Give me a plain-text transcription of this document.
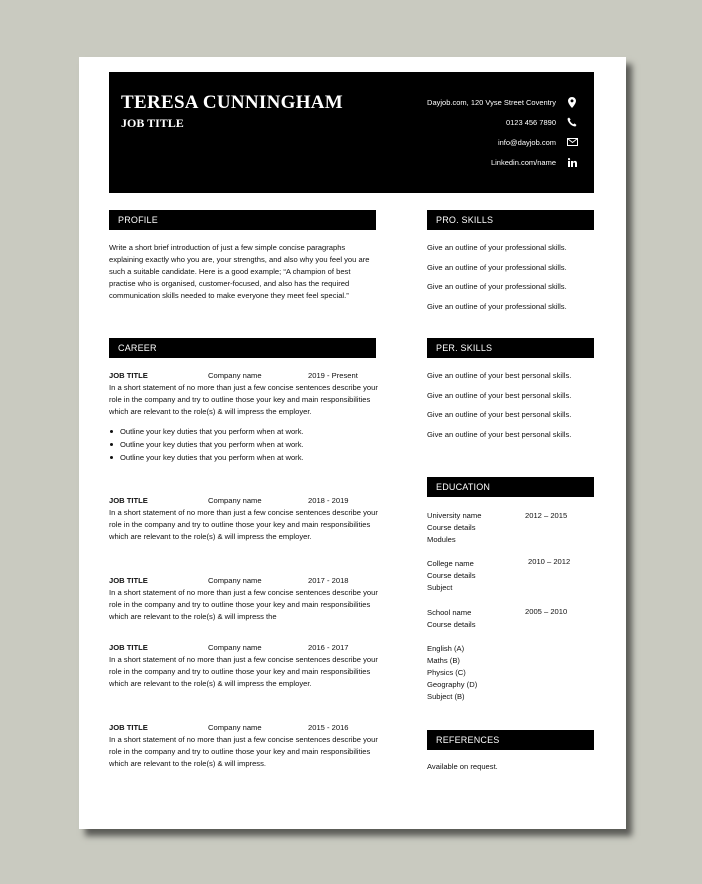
TERESA CUNNINGHAM
JOB TITLE
Dayjob.com, 120 Vyse Street Coventry
0123 456 7890
info@dayjob.com
Linkedin.com/name
PROFILE

Write a short brief introduction of just a few simple concise paragraphs explaining exactly who you are, your strengths, and also why you feel you are such a suitable candidate. Here is a good example; “A champion of best practise who is organised, customer-focused, and also has the required communication skills needed to make everyone they meet feel special.”

CAREER
JOB TITLE	Company name	2019 - Present

In a short statement of no more than just a few concise sentences describe your role in the company and try to outline those your key and main responsibilities which are relevant to the role(s) & will impress the employer.

Outline your key duties that you perform when at work.
Outline your key duties that you perform when at work.
Outline your key duties that you perform when at work.
JOB TITLE	Company name	2018 - 2019

In a short statement of no more than just a few concise sentences describe your role in the company and try to outline those your key and main responsibilities which are relevant to the role(s) & will impress the employer.

JOB TITLE	Company name	2017 - 2018

In a short statement of no more than just a few concise sentences describe your role in the company and try to outline those your key and main responsibilities which are relevant to the role(s) & will impress the

JOB TITLE	Company name	2016 - 2017

In a short statement of no more than just a few concise sentences describe your role in the company and try to outline those your key and main responsibilities which are relevant to the role(s) & will impress the employer.

JOB TITLE	Company name	2015 - 2016

In a short statement of no more than just a few concise sentences describe your role in the company and try to outline those your key and main responsibilities which are relevant to the role(s) & will impress.

PRO. SKILLS
Give an outline of your professional skills.
Give an outline of your professional skills.
Give an outline of your professional skills.
Give an outline of your professional skills.
PER. SKILLS
Give an outline of your best personal skills.
Give an outline of your best personal skills.
Give an outline of your best personal skills.
Give an outline of your best personal skills.
EDUCATION
University name	2012 – 2015
Course details
Modules
College name	2010 – 2012
Course details
Subject
School name	2005 – 2010
Course details
English (A)
Maths (B)
Physics (C)
Geography (D)
Subject (B)
REFERENCES
Available on request.
